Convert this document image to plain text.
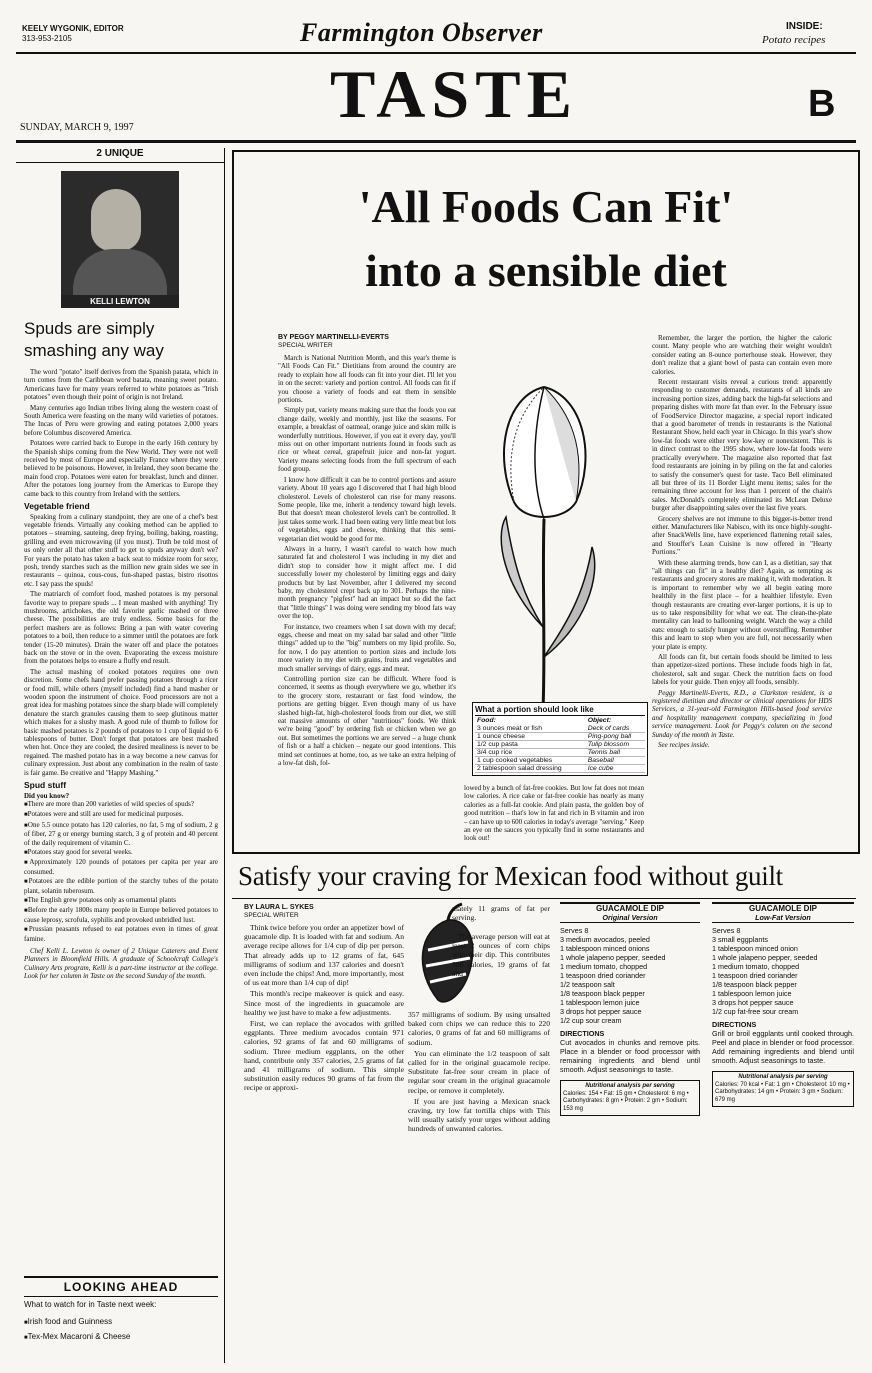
KEELY WYGONIK, EDITOR
313-953-2105	Farmington Observer	INSIDE:
Potato recipes
TASTE	B
SUNDAY, MARCH 9, 1997
2 UNIQUE
KELLI LEWTON
Spuds are simply smashing any way

The word "potato" itself derives from the Spanish patata, which in turn comes from the Caribbean word batata, meaning sweet potato. Americans have for many years referred to white potatoes as "Irish potatoes" even though their point of origin is not Ireland.

Many centuries ago Indian tribes living along the western coast of South America were feasting on the many wild varieties of potatoes. The Incas of Peru were growing and eating potatoes 2,000 years before Columbus discovered America.

Potatoes were carried back to Europe in the early 16th century by the Spanish ships coming from the New World. They were not well received by most of Europe and especially France where they were believed to be poisonous. However, in Ireland, they soon became the main food crop. Potatoes were eaten for breakfast, lunch and dinner. After the potatoes long journey from the Americas to Europe they came back to this country from Ireland with the settlers.

Vegetable friend

Speaking from a culinary standpoint, they are one of a chef's best vegetable friends. Virtually any cooking method can be applied to potatoes – steaming, sauteing, deep frying, boiling, baking, roasting, grilling and even microwaving (if you must). Truth be told most of us only order all that other stuff to get to spuds anyway don't we? For years the potato has taken a back seat to midsize room for sexy, posh, trendy starches such as the million new grain sides we see in restaurants – quinoa, cous-cous, fun-shaped pastas, bistro risottos etc. I say pass the spuds!

The matriarch of comfort food, mashed potatoes is my personal favorite way to prepare spuds ... I mean mashed with anything! Try mushrooms, artichokes, the old favorite garlic mashed or three cheese. The possibilities are truly endless. Some basics for the perfect mashers are as follows: Bring a pan with water covering potatoes to a boil, then reduce to a simmer until the potatoes are fork tender (15-20 minutes). Drain the water off and place the potatoes back on the stove or in the oven. Evaporating the excess moisture from the potatoes helps to ensure a fluffy end result.

The actual mashing of cooked potatoes requires one own discretion. Some chefs hand prefer passing potatoes through a ricer or food mill, while others (myself included) find a hand masher or wooden spoon the instrument of choice. Food processors are not a great idea for mashing potatoes since the sharp blade will completely denature the starch granules causing them to seep glutinous matter which makes for a slushy mash. A good rule of thumb to follow for basic mashed potatoes is 2 pounds of potatoes to 1 cup of liquid to 6 tablespoons of butter. Don't forget that potatoes are best mashed when hot. Once they are cooled, the desired mealiness is never to be regained. The mashed potato has in a way become a new canvas for culinary expression. Just about any combination in the realm of taste is fair game. Be creative and "Happy Mashing."

Spud stuff
Did you know?
■ There are more than 200 varieties of wild species of spuds?
■ Potatoes were and still are used for medicinal purposes.
■ One 5.5 ounce potato has 120 calories, no fat, 5 mg of sodium, 2 g of fiber, 27 g or energy burning starch, 3 g of protein and 40 percent of the daily requirement of vitamin C.
■ Potatoes stay good for several weeks.
■ Approximately 120 pounds of potatoes per capita per year are consumed.
■ Potatoes are the edible portion of the starchy tubes of the potato plant, solanin tuberosum.
■ The English grew potatoes only as ornamental plants
■ Before the early 1800s many people in Europe believed potatoes to cause leprosy, scrofula, syphilis and provoked unbridled lust.
■ Prussian peasants refused to eat potatoes even in times of great famine.

Chef Kelli L. Lewton is owner of 2 Unique Caterers and Event Planners in Bloomfield Hills. A graduate of Schoolcraft College's Culinary Arts program, Kelli is a part-time instructor at the college. Look for her column in Taste on the second Sunday of the month.

LOOKING AHEAD
What to watch for in Taste next week:
■ Irish food and Guinness
■ Tex-Mex Macaroni & Cheese
'All Foods Can Fit'
into a sensible diet
BY PEGGY MARTINELLI-EVERTS
SPECIAL WRITER

March is National Nutrition Month, and this year's theme is "All Foods Can Fit." Dietitians from around the country are ready to explain how all foods can fit into your diet. I'll let you in on the secret: variety and portion control. All foods can fit if you choose a variety of foods and eat them in sensible portions.

Simply put, variety means making sure that the foods you eat change daily, weekly and monthly, just like the seasons. For example, a breakfast of oatmeal, orange juice and skim milk is wonderfully nutritious. However, if you eat it every day, you'll miss out on other important nutrients found in foods such as rice or wheat cereal, grapefruit juice and non-fat yogurt. Variety means selecting foods from the full spectrum of each food group.

I know how difficult it can be to control portions and assure variety. About 10 years ago I discovered that I had high blood cholesterol. Levels of cholesterol can rise for many reasons. Some people, like me, inherit a tendency toward high levels. But that doesn't mean cholesterol levels can't be controlled. It just takes some work. I had been eating very little meat but lots of vegetables, eggs and cheese, thinking that this semi-vegetarian diet would be good for me.

Always in a hurry, I wasn't careful to watch how much saturated fat and cholesterol I was including in my diet and didn't stop to consider how it might affect me. I did successfully lower my cholesterol by limiting eggs and dairy products but by last November, after I delivered my second baby, my cholesterol crept back up to 301. Perhaps the nine-month pregnancy "pigfest" had an impact but so did the fact that "little things" I was doing were sending my blood fats way over the top.

For instance, two creamers when I sat down with my decaf; eggs, cheese and meat on my salad bar salad and other "little things" added up to the "big" numbers on my lipid profile. So, for now, I do pay attention to portion sizes and include lots more variety in my diet with grains, fruits and vegetables and much smaller servings of dairy, eggs and meat.

Controlling portion size can be difficult. Where food is concerned, it seems as though everywhere we go, whether it's to the grocery store, restaurant or fast food window, the portions are getting bigger. Even though many of us have slashed high-fat, high-cholesterol foods from our diet, we still eat massive amounts of other "nutritious" foods. We think we're being "good" by ordering fish or chicken when we go out. But sometimes the portions we are served – a huge chunk of fish or a half a chicken – negate our good intentions. This mind set continues at home, too, as we take an extra helping of a low-fat dish, fol-

What a portion should look like
Food:	Object:
3 ounces meat or fish	Deck of cards
1 ounce cheese	Ping-pong ball
1/2 cup pasta	Tulip blossom
3/4 cup rice	Tennis ball
1 cup cooked vegetables	Baseball
2 tablespoon salad dressing	Ice cube

lowed by a bunch of fat-free cookies. But low fat does not mean low calories. A rice cake or fat-free cookie has nearly as many calories as a full-fat cookie. And plain pasta, the golden boy of good nutrition – that's low in fat and rich in B vitamin and iron – can have up to 600 calories in today's average "serving." Keep an eye on the sauces you typically find in some restaurants and look out!

Remember, the larger the portion, the higher the caloric count. Many people who are watching their weight wouldn't consider eating an 8-ounce porterhouse steak. However, they don't realize that a giant bowl of pasta can contain even more calories.

Recent restaurant visits reveal a curious trend: apparently responding to customer demands, restaurants of all kinds are increasing portion sizes, adding back the high-fat selections and preparing dishes with more fat than ever. In the February issue of FoodService Director magazine, a special report indicated that a good barometer of trends in restaurants is the National Restaurant Show, held each year in Chicago. In this year's show low-fat foods were either very low-key or nonexistent. This is in direct contrast to the 1995 show, where low-fat foods were practically everywhere. The magazine also reported that fast food restaurants are joining in by piling on the fat and calories to satisfy the consumer's quest for taste. Taco Bell eliminated all but three of its 11 Border Light menu items; sales for the remaining three account for less than 1 percent of the chain's sales. McDonald's completely eliminated its McLean Deluxe burger after disappointing sales over the last five years.

Grocery shelves are not immune to this bigger-is-better trend either. Manufacturers like Nabisco, with its once highly-sought-after SnackWells line, have experienced flattening retail sales, and Stouffer's Lean Cuisine is now offered in "Hearty Portions."

With these alarming trends, how can I, as a dietitian, say that "all things can fit" in a healthy diet? Again, as tempting as restaurants and grocery stores are making it, with moderation. It is important to remember why we all begin eating more healthily in the first place – for a healthier lifestyle. Even though restaurants are creating ever-larger portions, it is up to us to take responsibility for what we eat. The clean-the-plate mentality can lead to ballooning weight. Watch the way a child eats: enough to satisfy hunger without overstuffing. Remember this and learn to stop when you are full, not necessarily when your plate is empty.

All foods can fit, but certain foods should be limited to less than appetizer-sized portions. These include foods high in fat, cholesterol, salt and sugar. Check the nutrition facts on food labels for your guide. Then enjoy all foods, sensibly.

Peggy Martinelli-Everts, R.D., a Clarkston resident, is a registered dietitian and director or clinical operations for HDS Services, a 31-year-old Farmington Hills-based food service and hospitality management company, specializing in food service management. Look for Peggy's column on the second Sunday of the month in Taste.

See recipes inside.

Satisfy your craving for Mexican food without guilt
BY LAURA L. SYKES
SPECIAL WRITER

Think twice before you order an appetizer bowl of guacamole dip. It is loaded with fat and sodium. An average recipe allows for 1/4 cup of dip per person. That already adds up to 12 grams of fat, 645 milligrams of sodium and 137 calories and doesn't even include the chips! And, more importantly, most of us eat more than 1/4 cup of dip!

This month's recipe makeover is quick and easy. Since most of the ingredients in guacamole are healthy we just have to make a few adjustments.

First, we can replace the avocados with grilled eggplants. Three medium avocados contain 971 calories, 92 grams of fat and 60 milligrams of sodium. Three medium eggplants, on the other hand, contribute only 357 calories, 2.5 grams of fat and 41 milligrams of sodium. This simple substitution easily reduces 90 grams of fat from the recipe or approxi-

mately 11 grams of fat per serving.

The average person will eat at least 2 ounces of corn chips with their dip. This contributes 308 calories, 19 grams of fat and

357 milligrams of sodium. By using unsalted baked corn chips we can reduce this to 220 calories, 0 grams of fat and 60 milligrams of sodium.

You can eliminate the 1/2 teaspoon of salt called for in the original guacamole recipe. Substitute fat-free sour cream in place of regular sour cream in the original guacamole recipe, or remove it completely.

If you are just having a Mexican snack craving, try low fat tortilla chips with This will usually satisfy your urges without adding hundreds of unwanted calories.

GUACAMOLE DIP
Original Version
Serves 8
3 medium avocados, peeled
1 tablespoon minced onions
1 whole jalapeno pepper, seeded
1 medium tomato, chopped
1 teaspoon dried coriander
1/2 teaspoon salt
1/8 teaspoon black pepper
1 tablespoon lemon juice
3 drops hot pepper sauce
1/2 cup sour cream
DIRECTIONS
Cut avocados in chunks and remove pits. Place in a blender or food processor with remaining ingredients and blend until smooth. Adjust seasonings to taste.
Nutritional analysis per serving
Calories: 154 • Fat: 15 gm • Cholesterol: 6 mg • Carbohydrates: 8 gm • Protein: 2 gm • Sodium: 153 mg
GUACAMOLE DIP
Low-Fat Version
Serves 8
3 small eggplants
1 tablespoon minced onion
1 whole jalapeno pepper, seeded
1 medium tomato, chopped
1 teaspoon dried coriander
1/8 teaspoon black pepper
1 tablespoon lemon juice
3 drops hot pepper sauce
1/2 cup fat-free sour cream
DIRECTIONS
Grill or broil eggplants until cooked through. Peel and place in blender or food processor. Add remaining ingredients and blend until smooth. Adjust seasonings to taste.
Nutritional analysis per serving
Calories: 70 kcal • Fat: 1 gm • Cholesterol: 10 mg • Carbohydrates: 14 gm • Protein: 3 gm • Sodium: 679 mg
